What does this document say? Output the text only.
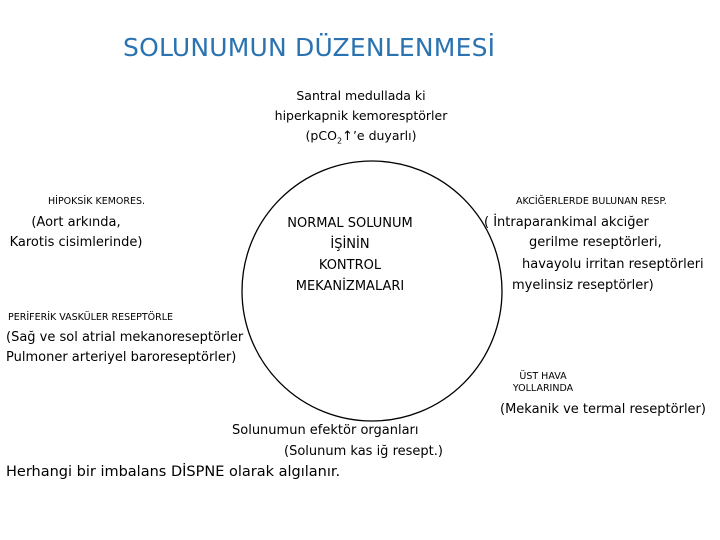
SOLUNUMUN DÜZENLENMESİ
Santral medullada ki
hiperkapnik kemoresptörler
(pCO$_2$↑’e duyarlı)
HİPOKSİK KEMORES.
(Aort arkında,
Karotis cisimlerinde)
AKCİĞERLERDE BULUNAN RESP.
( İntraparankimal akciğer
gerilme reseptörleri,
havayolu irritan reseptörleri
myelinsiz reseptörler)
NORMAL SOLUNUM
İŞİNİN
KONTROL
MEKANİZMALARI
PERİFERİK VASKÜLER RESEPTÖRLE
(Sağ ve sol atrial mekanoreseptörler
Pulmoner arteriyel baroreseptörler)
ÜST HAVA
YOLLARINDA
(Mekanik ve termal reseptörler)
Solunumun efektör organları
(Solunum kas iğ resept.)
Herhangi bir imbalans DİSPNE olarak algılanır.
